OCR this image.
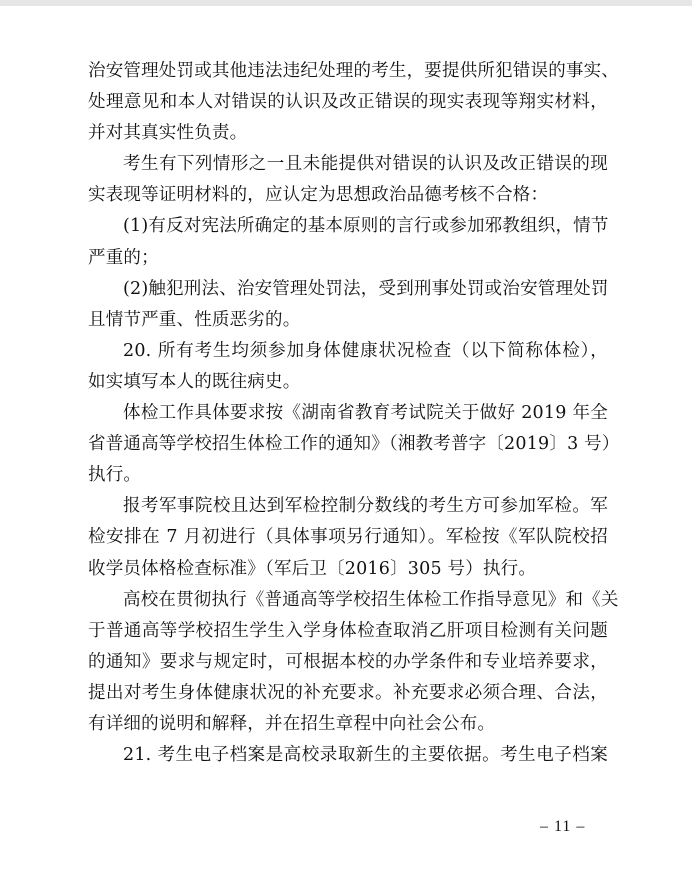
治安管理处罚或其他违法违纪处理的考生，要提供所犯错误的事实、
处理意见和本人对错误的认识及改正错误的现实表现等翔实材料，
并对其真实性负责。
考生有下列情形之一且未能提供对错误的认识及改正错误的现
实表现等证明材料的，应认定为思想政治品德考核不合格：
(1)有反对宪法所确定的基本原则的言行或参加邪教组织，情节
严重的；
(2)触犯刑法、治安管理处罚法，受到刑事处罚或治安管理处罚
且情节严重、性质恶劣的。
20. 所有考生均须参加身体健康状况检查（以下简称体检），
如实填写本人的既往病史。
体检工作具体要求按《湖南省教育考试院关于做好 2019 年全
省普通高等学校招生体检工作的通知》（湘教考普字〔2019〕3 号）
执行。
报考军事院校且达到军检控制分数线的考生方可参加军检。军
检安排在 7 月初进行（具体事项另行通知）。军检按《军队院校招
收学员体格检查标准》（军后卫〔2016〕305 号）执行。
高校在贯彻执行《普通高等学校招生体检工作指导意见》和《关
于普通高等学校招生学生入学身体检查取消乙肝项目检测有关问题
的通知》要求与规定时，可根据本校的办学条件和专业培养要求，
提出对考生身体健康状况的补充要求。补充要求必须合理、合法，
有详细的说明和解释，并在招生章程中向社会公布。
21. 考生电子档案是高校录取新生的主要依据。考生电子档案
– 11 –
